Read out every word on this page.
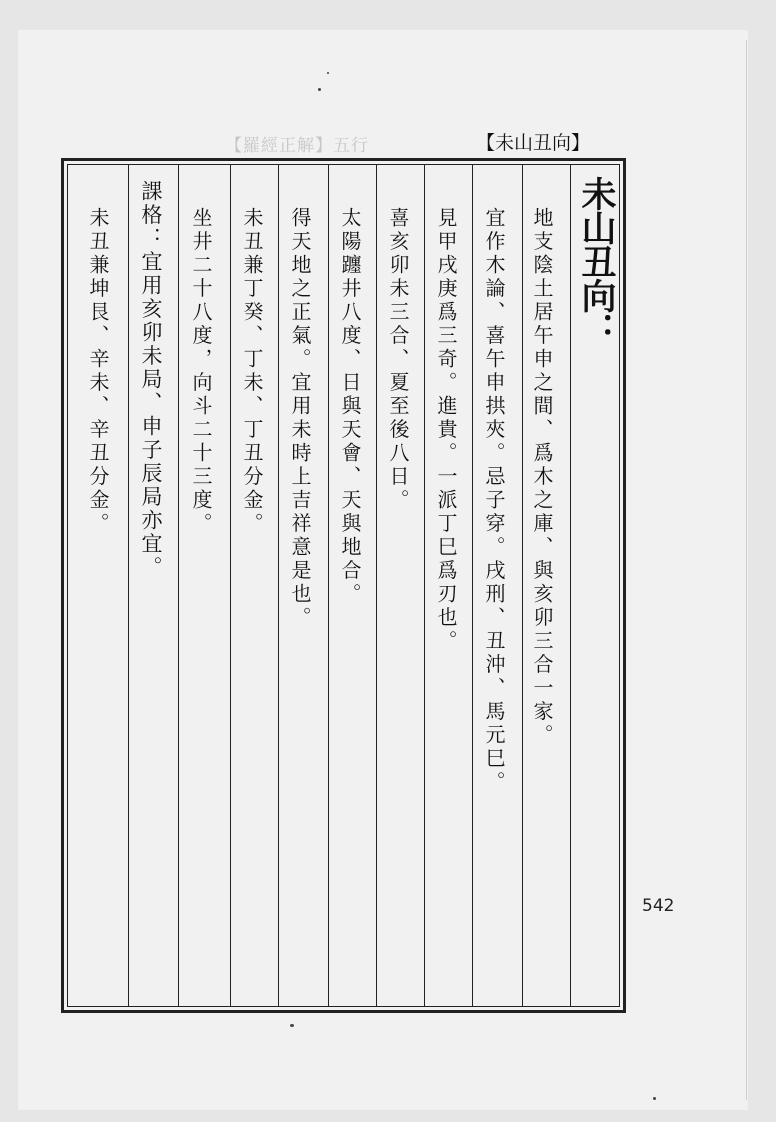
【羅經正解】五行	【未山丑向】
未山丑向：
地支陰土居午申之間、爲木之庫、與亥卯三合一家。
宜作木論、喜午申拱夾。忌子穿。戌刑、丑沖、馬元巳。
見甲戌庚爲三奇。進貴。一派丁巳爲刃也。
喜亥卯未三合、夏至後八日。
太陽躔井八度、日與天會、天與地合。
得天地之正氣。宜用未時上吉祥意是也。
未丑兼丁癸、丁未、丁丑分金。
坐井二十八度，向斗二十三度。
課格：宜用亥卯未局、申子辰局亦宜。
未丑兼坤艮、辛未、辛丑分金。
542
